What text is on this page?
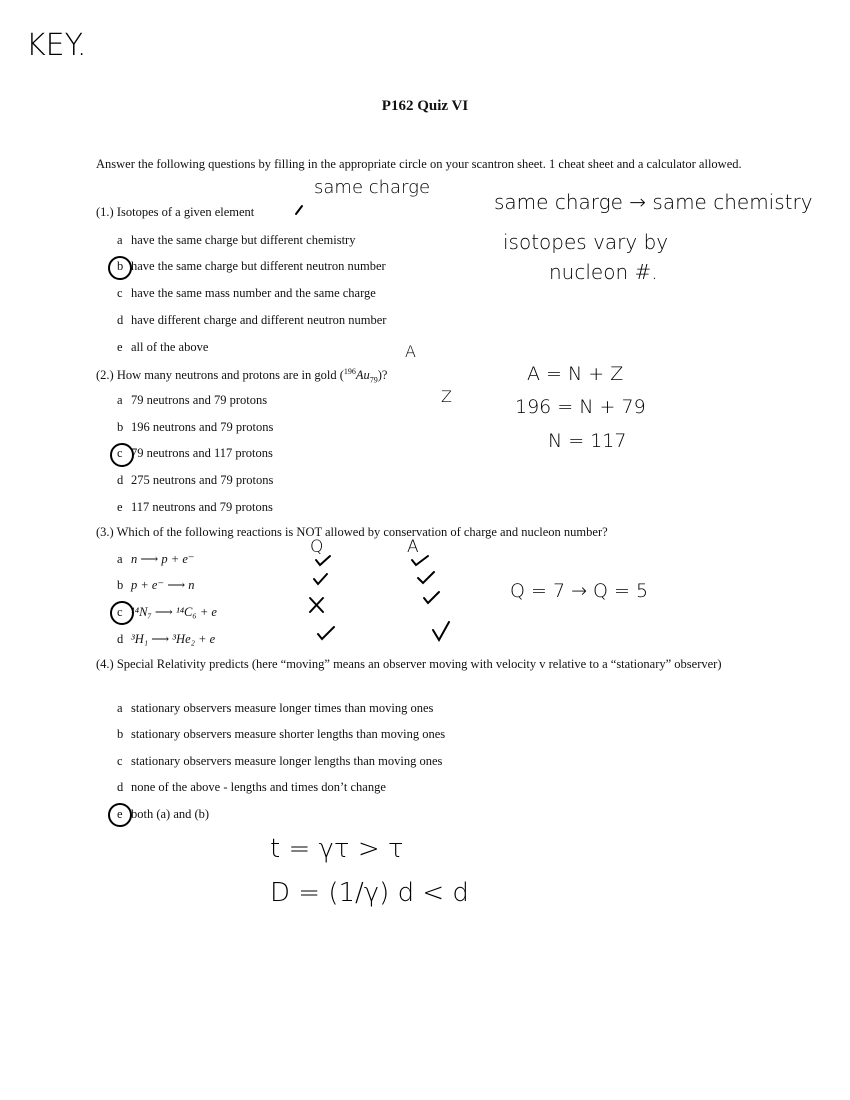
KEY.
P162 Quiz VI
Answer the following questions by filling in the appropriate circle on your scantron sheet. 1 cheat sheet and a calculator allowed.
(1.) Isotopes of a given element
a have the same charge but different chemistry
b have the same charge but different neutron number
c have the same mass number and the same charge
d have different charge and different neutron number
e all of the above
(2.) How many neutrons and protons are in gold $(^{196}Au_{79})$?
a 79 neutrons and 79 protons
b 196 neutrons and 79 protons
c 79 neutrons and 117 protons
d 275 neutrons and 79 protons
e 117 neutrons and 79 protons
(3.) Which of the following reactions is NOT allowed by conservation of charge and nucleon number?
a n ⟶ p + e⁻
b p + e⁻ ⟶ n
c ¹⁴N₇ ⟶ ¹⁴C₆ + e
d ³H₁ ⟶ ³He₂ + e
(4.) Special Relativity predicts (here “moving” means an observer moving with velocity v relative to a “stationary” observer)
a stationary observers measure longer times than moving ones
b stationary observers measure shorter lengths than moving ones
c stationary observers measure longer lengths than moving ones
d none of the above - lengths and times don’t change
e both (a) and (b)
same charge
same charge → same chemistry
isotopes vary by
nucleon #.
A
Z
A = N + Z
196 = N + 79
N = 117
Q	A
Q = 7 → Q = 5
t = γτ > τ
D = (1/γ) d < d
